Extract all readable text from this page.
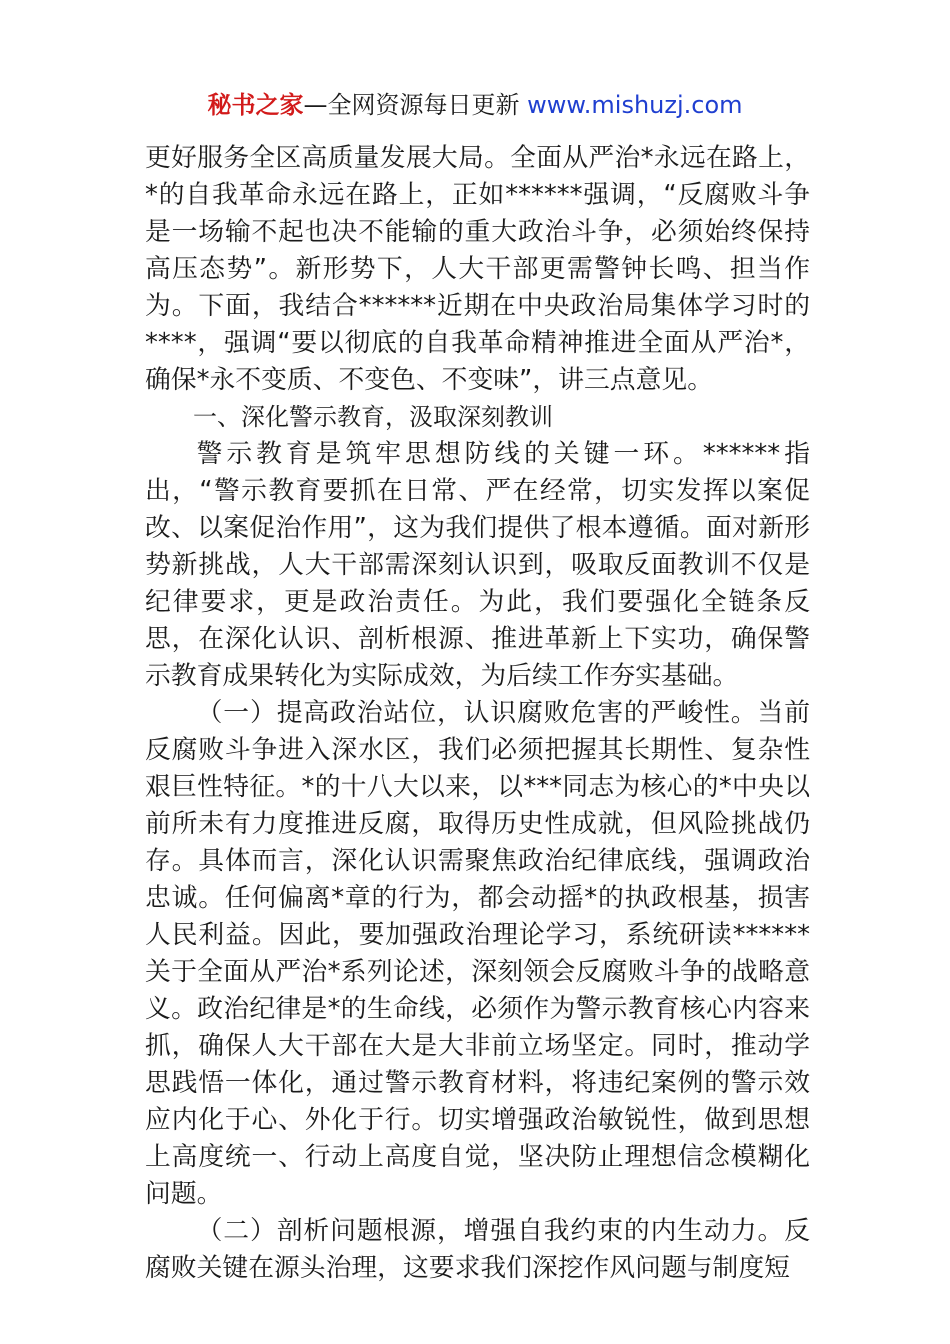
秘书之家—全网资源每日更新 www.mishuzj.com

更好服务全区高质量发展大局。全面从严治*永远在路上，*的自我革命永远在路上，正如******强调，“反腐败斗争是一场输不起也决不能输的重大政治斗争，必须始终保持高压态势”。新形势下，人大干部更需警钟长鸣、担当作为。下面，我结合******近期在中央政治局集体学习时的****，强调“要以彻底的自我革命精神推进全面从严治*，确保*永不变质、不变色、不变味”，讲三点意见。

一、深化警示教育，汲取深刻教训

警示教育是筑牢思想防线的关键一环。******指出，“警示教育要抓在日常、严在经常，切实发挥以案促改、以案促治作用”，这为我们提供了根本遵循。面对新形势新挑战，人大干部需深刻认识到，吸取反面教训不仅是纪律要求，更是政治责任。为此，我们要强化全链条反思，在深化认识、剖析根源、推进革新上下实功，确保警示教育成果转化为实际成效，为后续工作夯实基础。

（一）提高政治站位，认识腐败危害的严峻性。当前反腐败斗争进入深水区，我们必须把握其长期性、复杂性艰巨性特征。*的十八大以来，以***同志为核心的*中央以前所未有力度推进反腐，取得历史性成就，但风险挑战仍存。具体而言，深化认识需聚焦政治纪律底线，强调政治忠诚。任何偏离*章的行为，都会动摇*的执政根基，损害人民利益。因此，要加强政治理论学习，系统研读******关于全面从严治*系列论述，深刻领会反腐败斗争的战略意义。政治纪律是*的生命线，必须作为警示教育核心内容来抓，确保人大干部在大是大非前立场坚定。同时，推动学思践悟一体化，通过警示教育材料，将违纪案例的警示效应内化于心、外化于行。切实增强政治敏锐性，做到思想上高度统一、行动上高度自觉，坚决防止理想信念模糊化问题。

（二）剖析问题根源，增强自我约束的内生动力。反腐败关键在源头治理，这要求我们深挖作风问题与制度短
